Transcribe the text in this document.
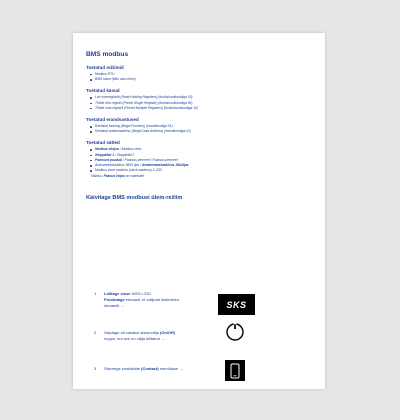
BMS modbus
Toetatud režiimid
Modbus RTU
BMS slave (Mitu slavi ühes)
Toetatud käsud
Loe ooteregistrid (Read Holding Registers) (funktsioonikoodiga 03)
Tööde ühe registri (Preset Single Register) (funktsioonikoodiga 06)
Tööde mitu registrit (Preset Multiple Registers) (funktsioonikoodiga 16)
Toetatud erandvastused
Keelatud tunning (Illegal Function) (erandkoodiga 01)
Keelatud andmeaadress (Illegal Data Address) (erandkoodiga 02)
Toetatud sätted
Modbus viisjon / Modbus vees
Stoppbitid 1 / Stoppbitid 2
Paarsust puudub / Paarsus permeet / Paarsus permeet
Andmeedastuskiirus 9600 bps / Andmeedastuskiirus 19k2bps
Modbus slave aadress (slave-aadress) 1–253
Märkus: Paksus kirjas on vaikesäte
Käivitage BMS modbusi ülem-režiim
1. Lülitage sisse NHS-LGIO
Puudutage ekraanil, et valijuda ilsdeoleku
ekraanilt →	SKS
2. Vajutage all vasakul sisse/välja (On/Off)
nuppu, kui see on välja lülitatud →
3. Sisenege kontaktide (Contact) menüüsse →
